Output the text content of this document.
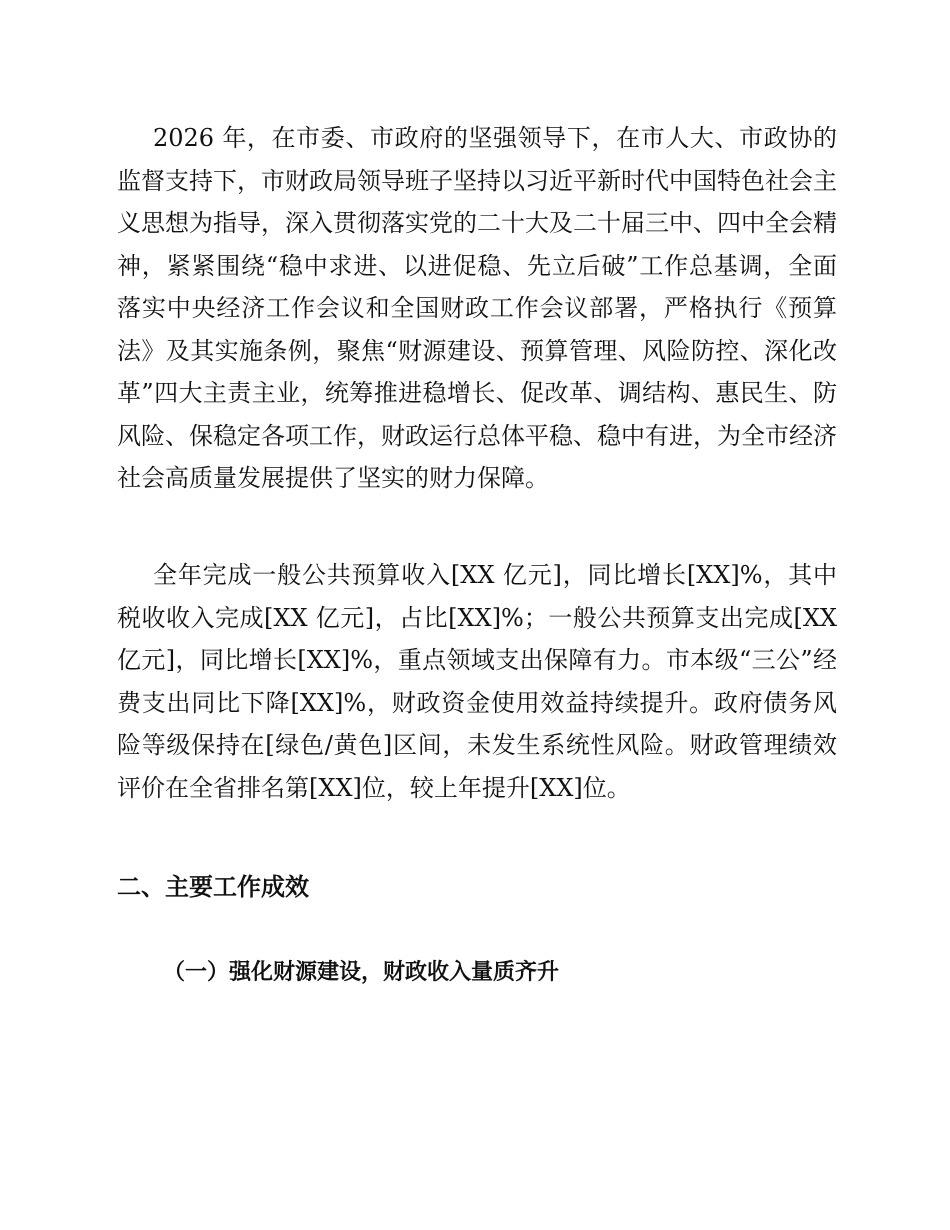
2026 年，在市委、市政府的坚强领导下，在市人大、市政协的监督支持下，市财政局领导班子坚持以习近平新时代中国特色社会主义思想为指导，深入贯彻落实党的二十大及二十届三中、四中全会精神，紧紧围绕“稳中求进、以进促稳、先立后破”工作总基调，全面落实中央经济工作会议和全国财政工作会议部署，严格执行《预算法》及其实施条例，聚焦“财源建设、预算管理、风险防控、深化改革”四大主责主业，统筹推进稳增长、促改革、调结构、惠民生、防风险、保稳定各项工作，财政运行总体平稳、稳中有进，为全市经济社会高质量发展提供了坚实的财力保障。

全年完成一般公共预算收入[XX 亿元]，同比增长[XX]%，其中税收收入完成[XX 亿元]，占比[XX]%；一般公共预算支出完成[XX 亿元]，同比增长[XX]%，重点领域支出保障有力。市本级“三公”经费支出同比下降[XX]%，财政资金使用效益持续提升。政府债务风险等级保持在[绿色/黄色]区间，未发生系统性风险。财政管理绩效评价在全省排名第[XX]位，较上年提升[XX]位。

二、主要工作成效
（一）强化财源建设，财政收入量质齐升
